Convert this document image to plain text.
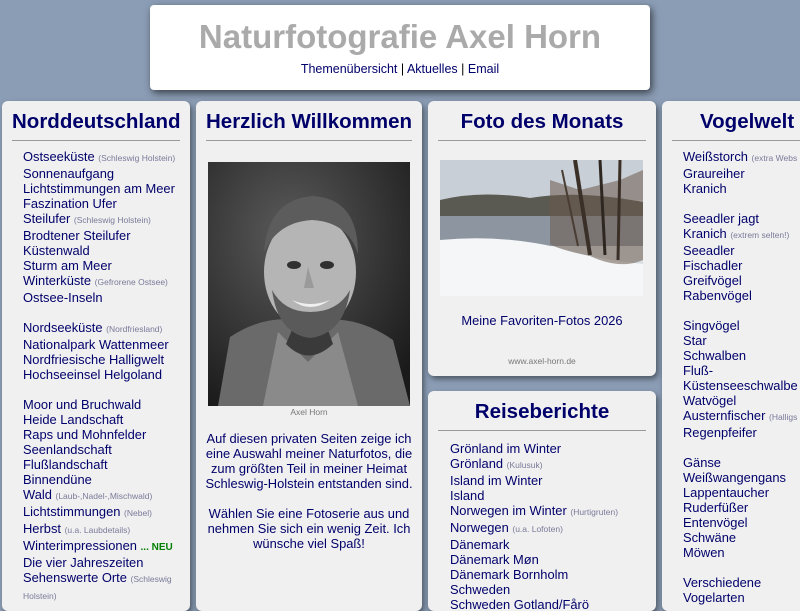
Naturfotografie Axel Horn
Themenübersicht | Aktuelles | Email
Norddeutschland
Ostseeküste (Schleswig Holstein)
Sonnenaufgang
Lichtstimmungen am Meer
Faszination Ufer
Steilufer (Schleswig Holstein)
Brodtener Steilufer
Küstenwald
Sturm am Meer
Winterküste (Gefrorene Ostsee)
Ostsee-Inseln
Nordseeküste (Nordfriesland)
Nationalpark Wattenmeer
Nordfriesische Halligwelt
Hochseeinsel Helgoland
Moor und Bruchwald
Heide Landschaft
Raps und Mohnfelder
Seenlandschaft
Flußlandschaft
Binnendüne
Wald (Laub-,Nadel-,Mischwald)
Lichtstimmungen (Nebel)
Herbst (u.a. Laubdetails)
Winterimpressionen ... NEU
Die vier Jahreszeiten
Sehenswerte Orte (Schleswig Holstein)
Herzlich Willkommen
Axel Horn

Auf diesen privaten Seiten zeige ich eine Auswahl meiner Naturfotos, die zum größten Teil in meiner Heimat Schleswig-Holstein entstanden sind.

Wählen Sie eine Fotoserie aus und nehmen Sie sich ein wenig Zeit. Ich wünsche viel Spaß!

Foto des Monats
Meine Favoriten-Fotos 2026
www.axel-horn.de
Reiseberichte
Grönland im Winter
Grönland (Kulusuk)
Island im Winter
Island
Norwegen im Winter (Hurtigruten)
Norwegen (u.a. Lofoten)
Dänemark
Dänemark Møn
Dänemark Bornholm
Schweden
Schweden Gotland/Fårö
Vogelwelt
Weißstorch (extra Webs
Graureiher
Kranich
Seeadler jagt
Kranich (extrem selten!)
Seeadler
Fischadler
Greifvögel
Rabenvögel
Singvögel
Star
Schwalben
Fluß-
Küstenseeschwalbe
Watvögel
Austernfischer (Halligs
Regenpfeifer
Gänse
Weißwangengans
Lappentaucher
Ruderfüßer
Entenvögel
Schwäne
Möwen
Verschiedene
Vogelarten
